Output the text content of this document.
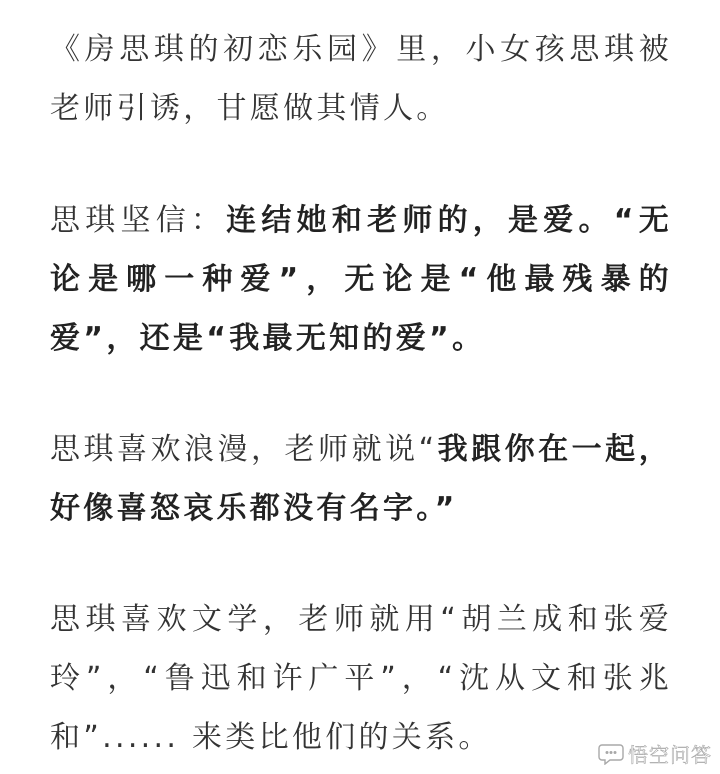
《房思琪的初恋乐园》里，小女孩思琪被老师引诱，甘愿做其情人。

思琪坚信：连结她和老师的，是爱。“无论是哪一种爱”，无论是“他最残暴的爱”，还是“我最无知的爱”。

思琪喜欢浪漫，老师就说“我跟你在一起，好像喜怒哀乐都没有名字。”

思琪喜欢文学，老师就用“胡兰成和张爱玲”，“鲁迅和许广平”，“沈从文和张兆和”...... 来类比他们的关系。	悟空问答
